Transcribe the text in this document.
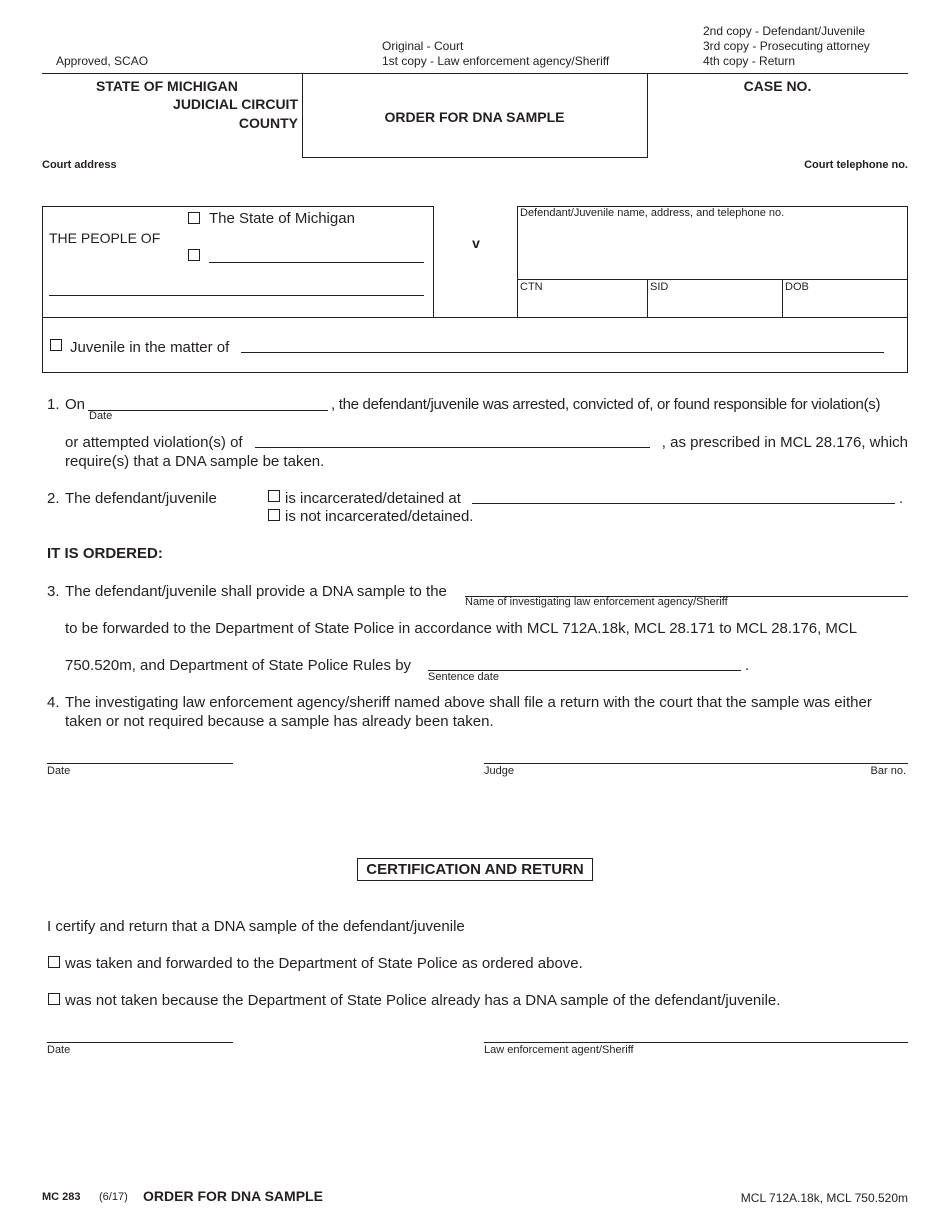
Approved, SCAO
Original - Court
1st copy - Law enforcement agency/Sheriff
2nd copy - Defendant/Juvenile
3rd copy - Prosecuting attorney
4th copy - Return
STATE OF MICHIGAN
JUDICIAL CIRCUIT
COUNTY	ORDER FOR DNA SAMPLE
CASE NO.
Court address	Court telephone no.
THE PEOPLE OF
The State of Michigan
v
Defendant/Juvenile name, address, and telephone no.
CTN	SID	DOB
Juvenile in the matter of
1. On
Date
, the defendant/juvenile was arrested, convicted of, or found responsible for violation(s)
or attempted violation(s) of	, as prescribed in MCL 28.176, which
require(s) that a DNA sample be taken.
2. The defendant/juvenile	is incarcerated/detained at	.
is not incarcerated/detained.
IT IS ORDERED:
3. The defendant/juvenile shall provide a DNA sample to the
Name of investigating law enforcement agency/Sheriff
to be forwarded to the Department of State Police in accordance with MCL 712A.18k, MCL 28.171 to MCL 28.176, MCL
750.520m, and Department of State Police Rules by
Sentence date
.
4. The investigating law enforcement agency/sheriff named above shall file a return with the court that the sample was either
taken or not required because a sample has already been taken.
Date	Judge	Bar no.
CERTIFICATION AND RETURN
I certify and return that a DNA sample of the defendant/juvenile
was taken and forwarded to the Department of State Police as ordered above.
was not taken because the Department of State Police already has a DNA sample of the defendant/juvenile.
Date	Law enforcement agent/Sheriff
MC 283 (6/17) ORDER FOR DNA SAMPLE	MCL 712A.18k, MCL 750.520m
